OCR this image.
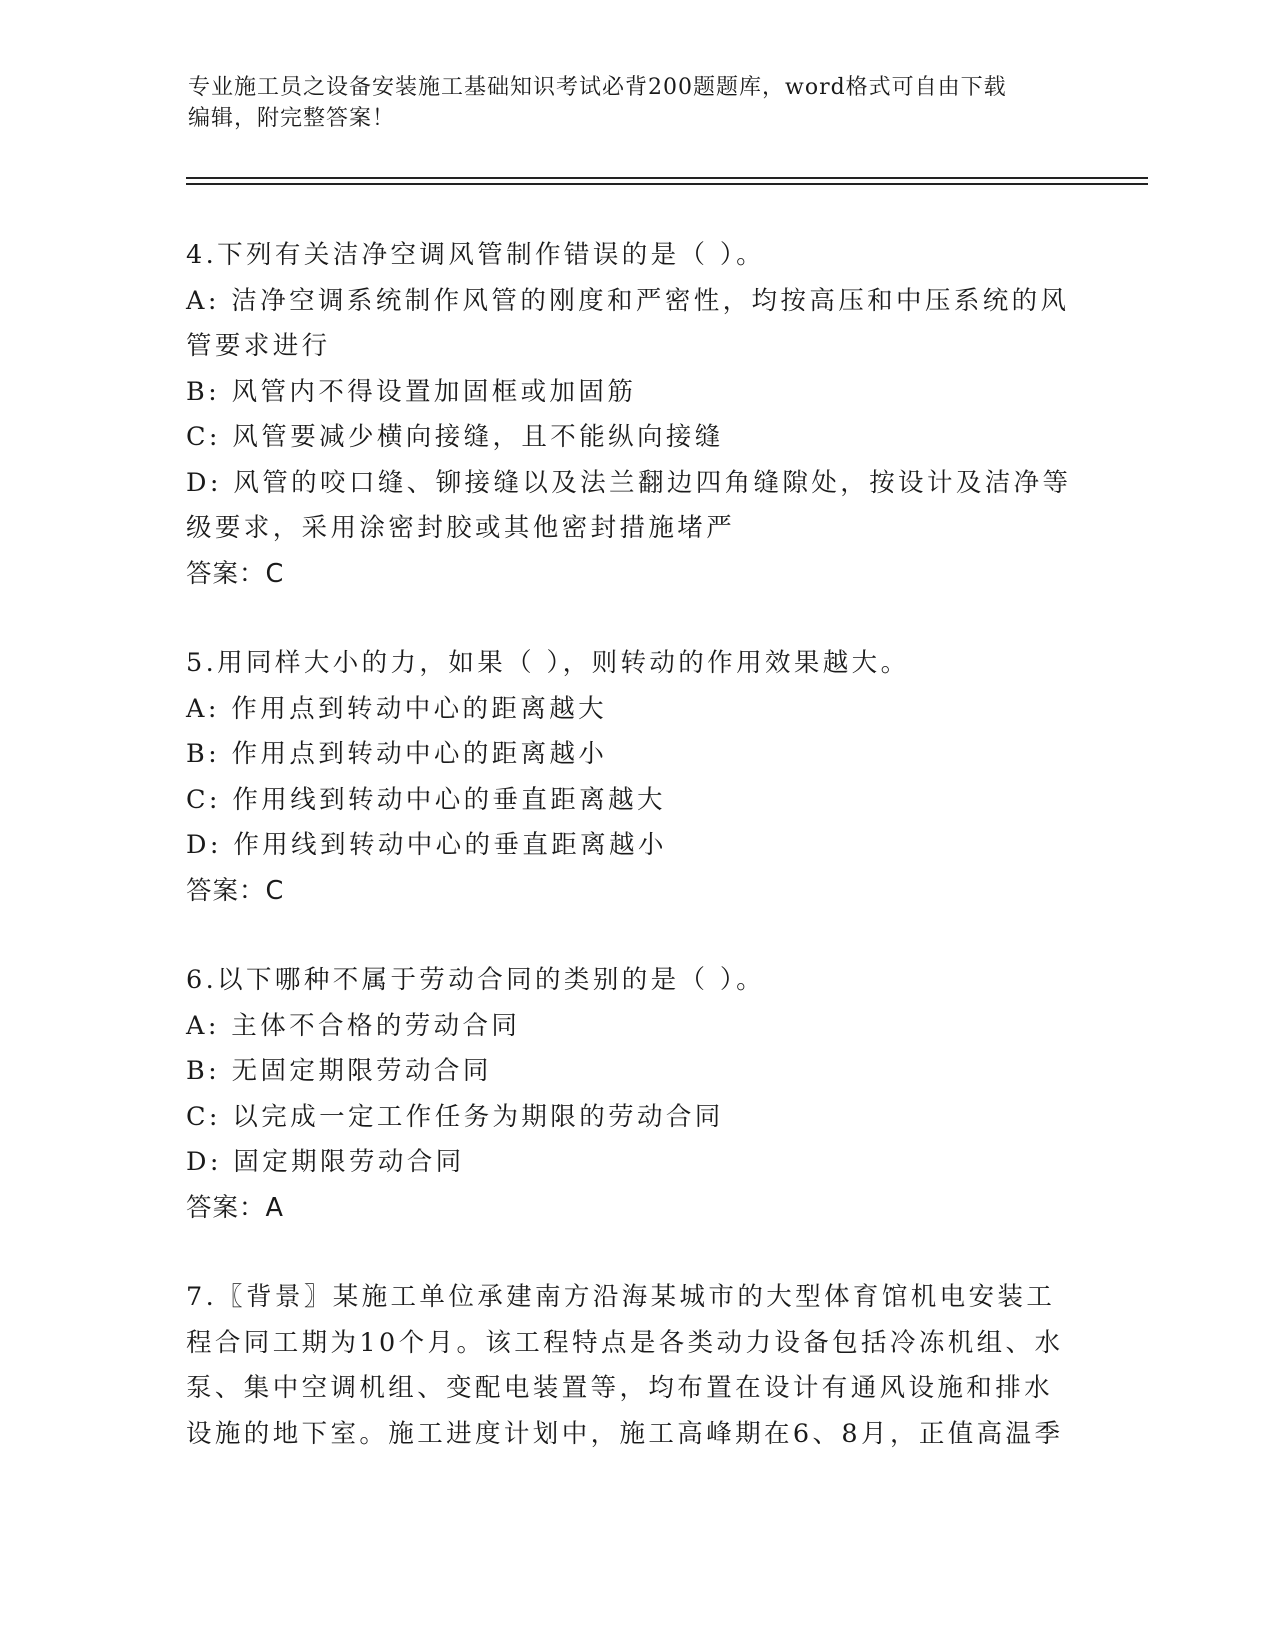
专业施工员之设备安装施工基础知识考试必背200题题库，word格式可自由下载
编辑，附完整答案！
4.下列有关洁净空调风管制作错误的是（ ）。
A: 洁净空调系统制作风管的刚度和严密性，均按高压和中压系统的风
管要求进行
B: 风管内不得设置加固框或加固筋
C: 风管要减少横向接缝，且不能纵向接缝
D: 风管的咬口缝、铆接缝以及法兰翻边四角缝隙处，按设计及洁净等
级要求，采用涂密封胶或其他密封措施堵严
答案：C
5.用同样大小的力，如果（ ），则转动的作用效果越大。
A: 作用点到转动中心的距离越大
B: 作用点到转动中心的距离越小
C: 作用线到转动中心的垂直距离越大
D: 作用线到转动中心的垂直距离越小
答案：C
6.以下哪种不属于劳动合同的类别的是（ ）。
A: 主体不合格的劳动合同
B: 无固定期限劳动合同
C: 以完成一定工作任务为期限的劳动合同
D: 固定期限劳动合同
答案：A
7.〖背景〗某施工单位承建南方沿海某城市的大型体育馆机电安装工
程合同工期为10个月。该工程特点是各类动力设备包括冷冻机组、水
泵、集中空调机组、变配电装置等，均布置在设计有通风设施和排水
设施的地下室。施工进度计划中，施工高峰期在6、8月，正值高温季
